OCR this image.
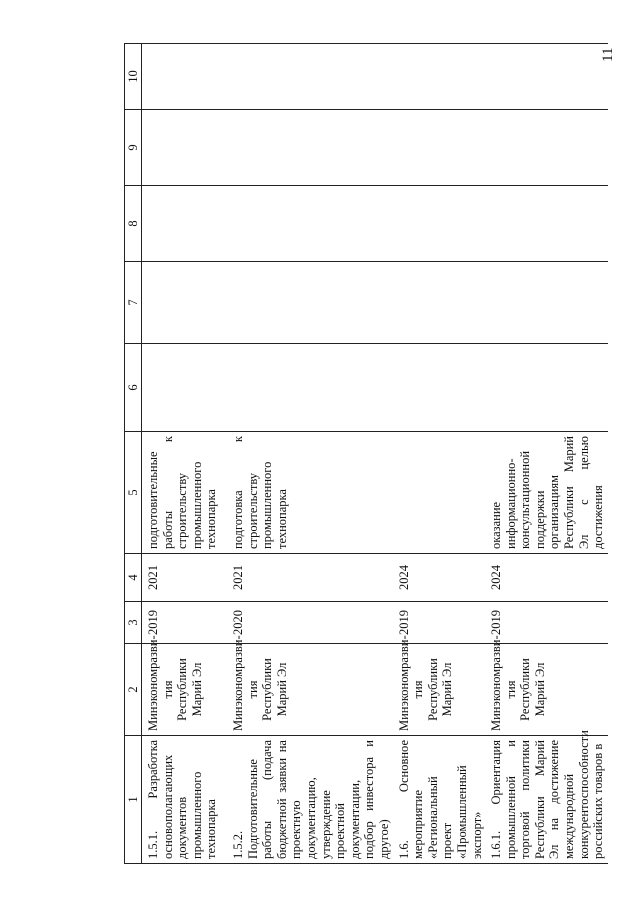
11
1	2	3	4	5	6	7	8	9	10
1.5.1. Разработка основополагающих документов промышленного технопарка	Минэкономразви-тия Республики Марий Эл	2019	2021	подготовительные работы к строительству промышленного технопарка					
1.5.2. Подготовительные работы (подача бюджетной заявки на проектную документацию, утверждение проектной документации, подбор инвестора и другое)	Минэкономразви-тия Республики Марий Эл	2020	2021	подготовка к строительству промышленного технопарка					
1.6. Основное мероприятие «Региональный проект «Промышленный экспорт»	Минэкономразви-тия Республики Марий Эл	2019	2024						
1.6.1. Ориентация промышленной и торговой политики Республики Марий Эл на достижение международной конкурентоспособности российских товаров в	Минэкономразви-тия Республики Марий Эл	2019	2024	оказание информационно-консультационной поддержки организациям Республики Марий Эл с целью достижения					
